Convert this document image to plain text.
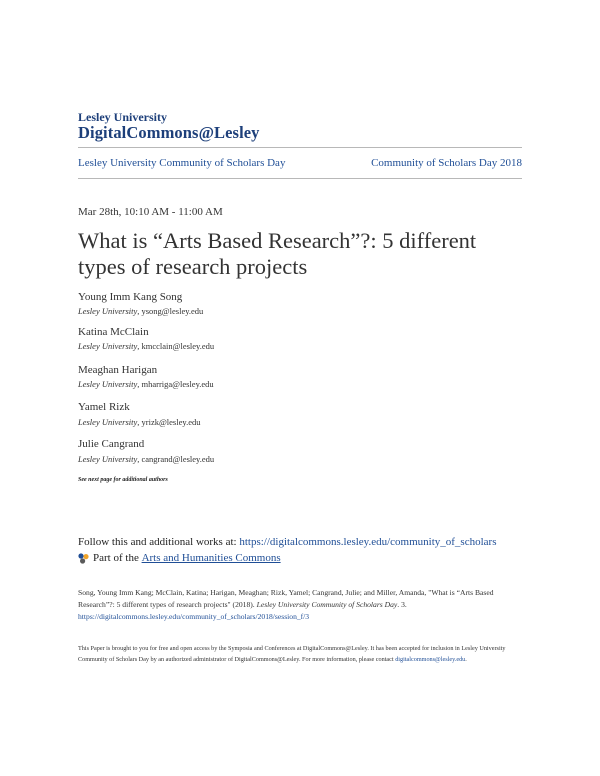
Lesley University
DigitalCommons@Lesley
Lesley University Community of Scholars Day	Community of Scholars Day 2018
Mar 28th, 10:10 AM - 11:00 AM
What is “Arts Based Research”?: 5 different types of research projects
Young Imm Kang Song
Lesley University, ysong@lesley.edu
Katina McClain
Lesley University, kmcclain@lesley.edu
Meaghan Harigan
Lesley University, mharriga@lesley.edu
Yamel Rizk
Lesley University, yrizk@lesley.edu
Julie Cangrand
Lesley University, cangrand@lesley.edu
See next page for additional authors
Follow this and additional works at: https://digitalcommons.lesley.edu/community_of_scholars
Part of the
Arts and Humanities Commons
Song, Young Imm Kang; McClain, Katina; Harigan, Meaghan; Rizk, Yamel; Cangrand, Julie; and Miller, Amanda, "What is “Arts Based Research”?: 5 different types of research projects" (2018). Lesley University Community of Scholars Day. 3.
https://digitalcommons.lesley.edu/community_of_scholars/2018/session_f/3
This Paper is brought to you for free and open access by the Symposia and Conferences at DigitalCommons@Lesley. It has been accepted for inclusion in Lesley University Community of Scholars Day by an authorized administrator of DigitalCommons@Lesley. For more information, please contact digitalcommons@lesley.edu.
